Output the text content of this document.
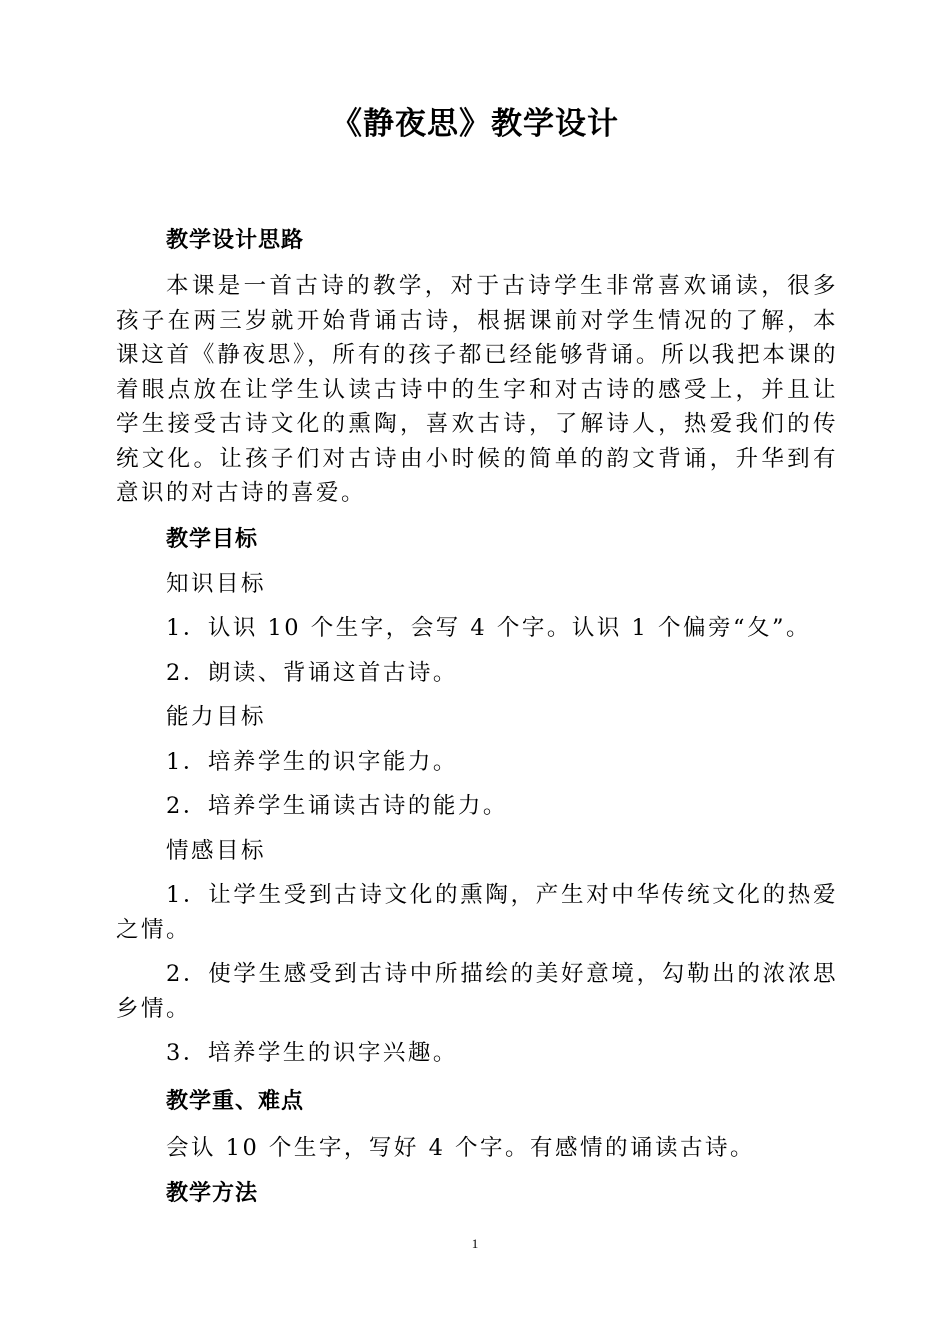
《静夜思》教学设计
教学设计思路

本课是一首古诗的教学，对于古诗学生非常喜欢诵读，很多孩子在两三岁就开始背诵古诗，根据课前对学生情况的了解，本课这首《静夜思》，所有的孩子都已经能够背诵。所以我把本课的着眼点放在让学生认读古诗中的生字和对古诗的感受上，并且让学生接受古诗文化的熏陶，喜欢古诗，了解诗人，热爱我们的传统文化。让孩子们对古诗由小时候的简单的韵文背诵，升华到有意识的对古诗的喜爱。

教学目标

知识目标

1．认识 10 个生字，会写 4 个字。认识 1 个偏旁“夂”。

2．朗读、背诵这首古诗。

能力目标

1．培养学生的识字能力。

2．培养学生诵读古诗的能力。

情感目标

1．让学生受到古诗文化的熏陶，产生对中华传统文化的热爱之情。

2．使学生感受到古诗中所描绘的美好意境，勾勒出的浓浓思乡情。

3．培养学生的识字兴趣。

教学重、难点

会认 10 个生字，写好 4 个字。有感情的诵读古诗。

教学方法
1
